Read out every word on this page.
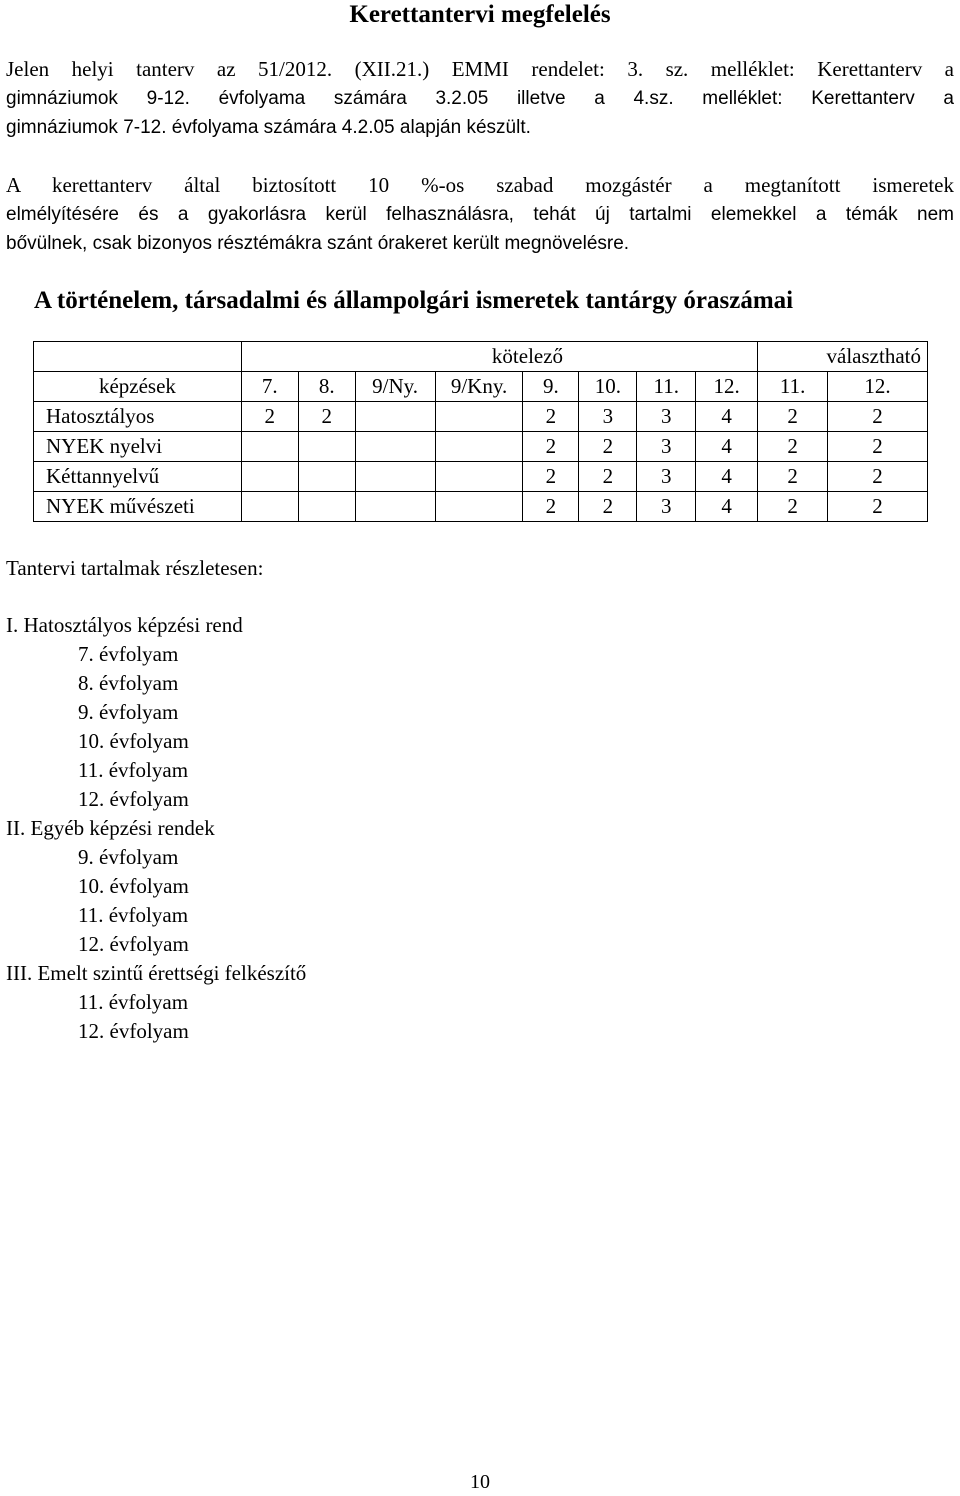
Kerettantervi megfelelés
Jelen helyi tanterv az 51/2012. (XII.21.) EMMI rendelet: 3. sz. melléklet: Kerettanterv a
gimnáziumok 9-12. évfolyama számára 3.2.05 illetve a 4.sz. melléklet: Kerettanterv a
gimnáziumok 7-12. évfolyama számára 4.2.05 alapján készült.
A kerettanterv által biztosított 10 %-os szabad mozgástér a megtanított ismeretek
elmélyítésére és a gyakorlásra kerül felhasználásra, tehát új tartalmi elemekkel a témák nem
bővülnek, csak bizonyos résztémákra szánt órakeret került megnövelésre.
A történelem, társadalmi és állampolgári ismeretek tantárgy óraszámai
	kötelező								választható	
képzések	7.	8.	9/Ny.	9/Kny.	9.	10.	11.	12.	11.	12.
Hatosztályos	2	2			2	3	3	4	2	2
NYEK nyelvi					2	2	3	4	2	2
Kéttannyelvű					2	2	3	4	2	2
NYEK művészeti					2	2	3	4	2	2
Tantervi tartalmak részletesen:
I. Hatosztályos képzési rend
7. évfolyam
8. évfolyam
9. évfolyam
10. évfolyam
11. évfolyam
12. évfolyam
II. Egyéb képzési rendek
9. évfolyam
10. évfolyam
11. évfolyam
12. évfolyam
III. Emelt szintű érettségi felkészítő
11. évfolyam
12. évfolyam
10
